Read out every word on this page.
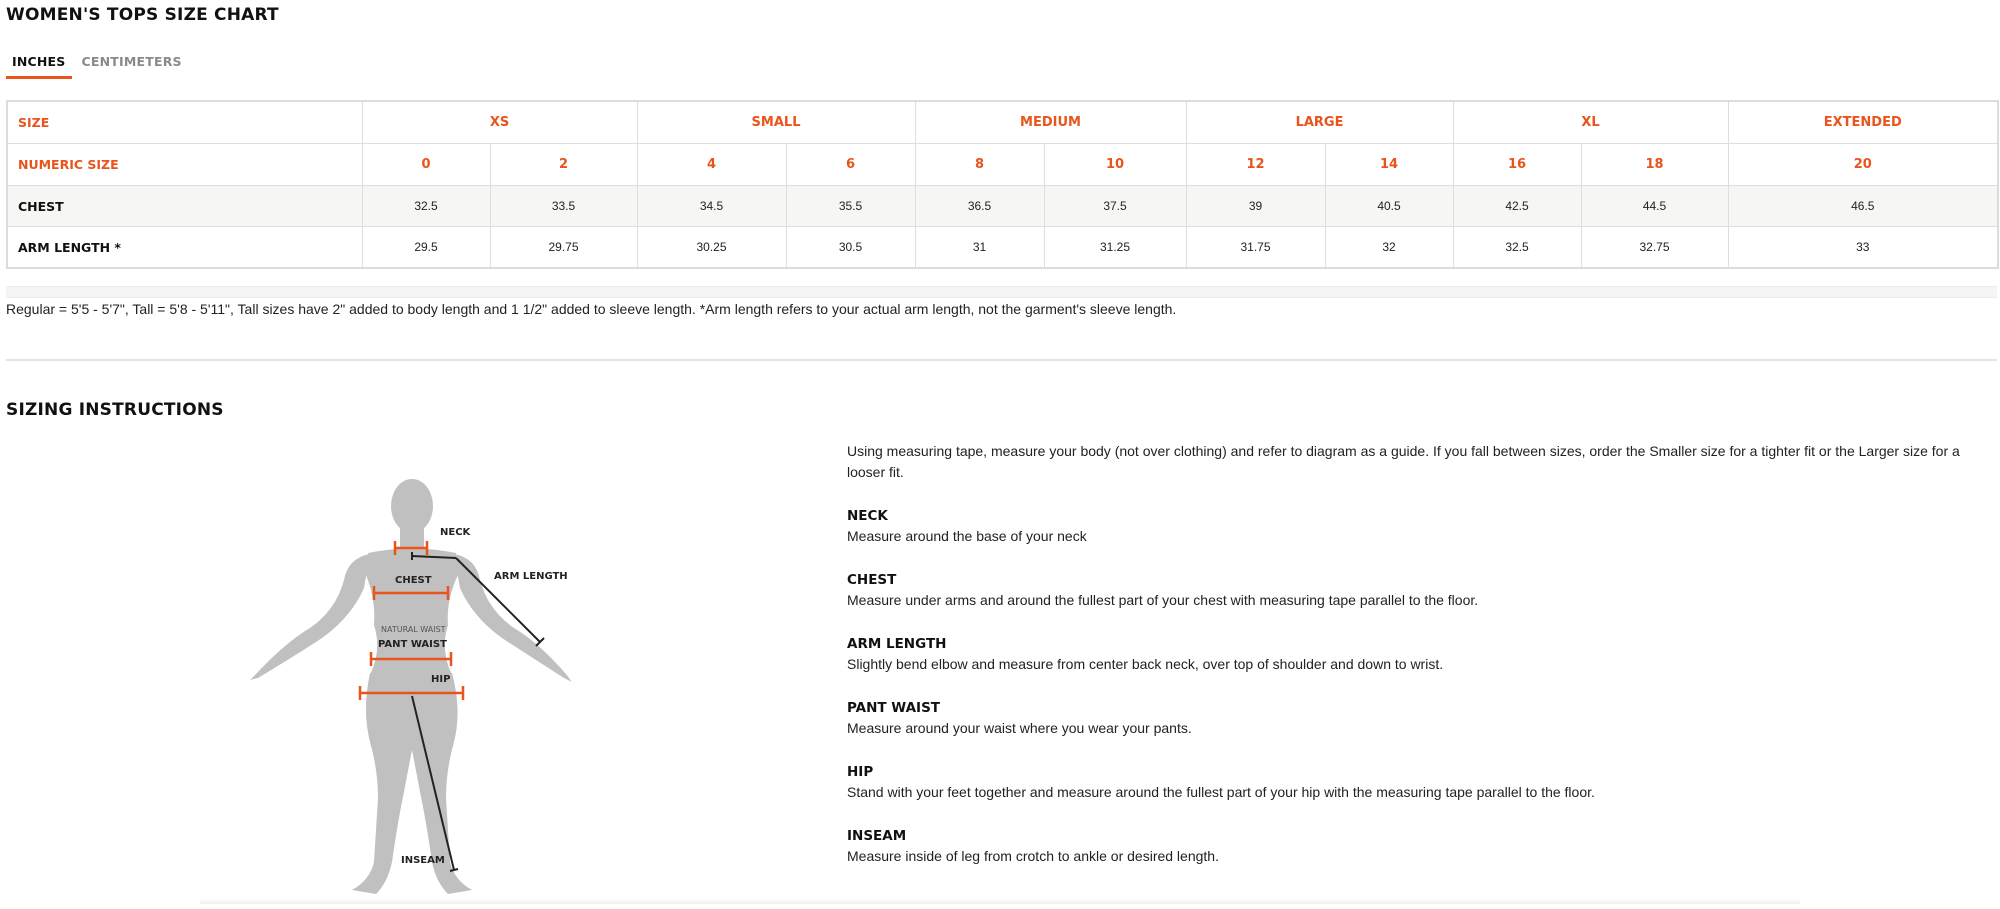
WOMEN'S TOPS SIZE CHART
INCHES	CENTIMETERS
SIZE	XS		SMALL		MEDIUM		LARGE		XL		EXTENDED
NUMERIC SIZE	0	2	4	6	8	10	12	14	16	18	20
CHEST	32.5	33.5	34.5	35.5	36.5	37.5	39	40.5	42.5	44.5	46.5
ARM LENGTH *	29.5	29.75	30.25	30.5	31	31.25	31.75	32	32.5	32.75	33
Regular = 5'5 - 5'7", Tall = 5'8 - 5'11", Tall sizes have 2" added to body length and 1 1/2" added to sleeve length. *Arm length refers to your actual arm length, not the garment's sleeve length.
SIZING INSTRUCTIONS
NECK
ARM LENGTH
CHEST
NATURAL WAIST
PANT WAIST
HIP
INSEAM

Using measuring tape, measure your body (not over clothing) and refer to diagram as a guide. If you fall between sizes, order the Smaller size for a tighter fit or the Larger size for a looser fit.

NECK
Measure around the base of your neck
CHEST
Measure under arms and around the fullest part of your chest with measuring tape parallel to the floor.
ARM LENGTH
Slightly bend elbow and measure from center back neck, over top of shoulder and down to wrist.
PANT WAIST
Measure around your waist where you wear your pants.
HIP
Stand with your feet together and measure around the fullest part of your hip with the measuring tape parallel to the floor.
INSEAM
Measure inside of leg from crotch to ankle or desired length.
